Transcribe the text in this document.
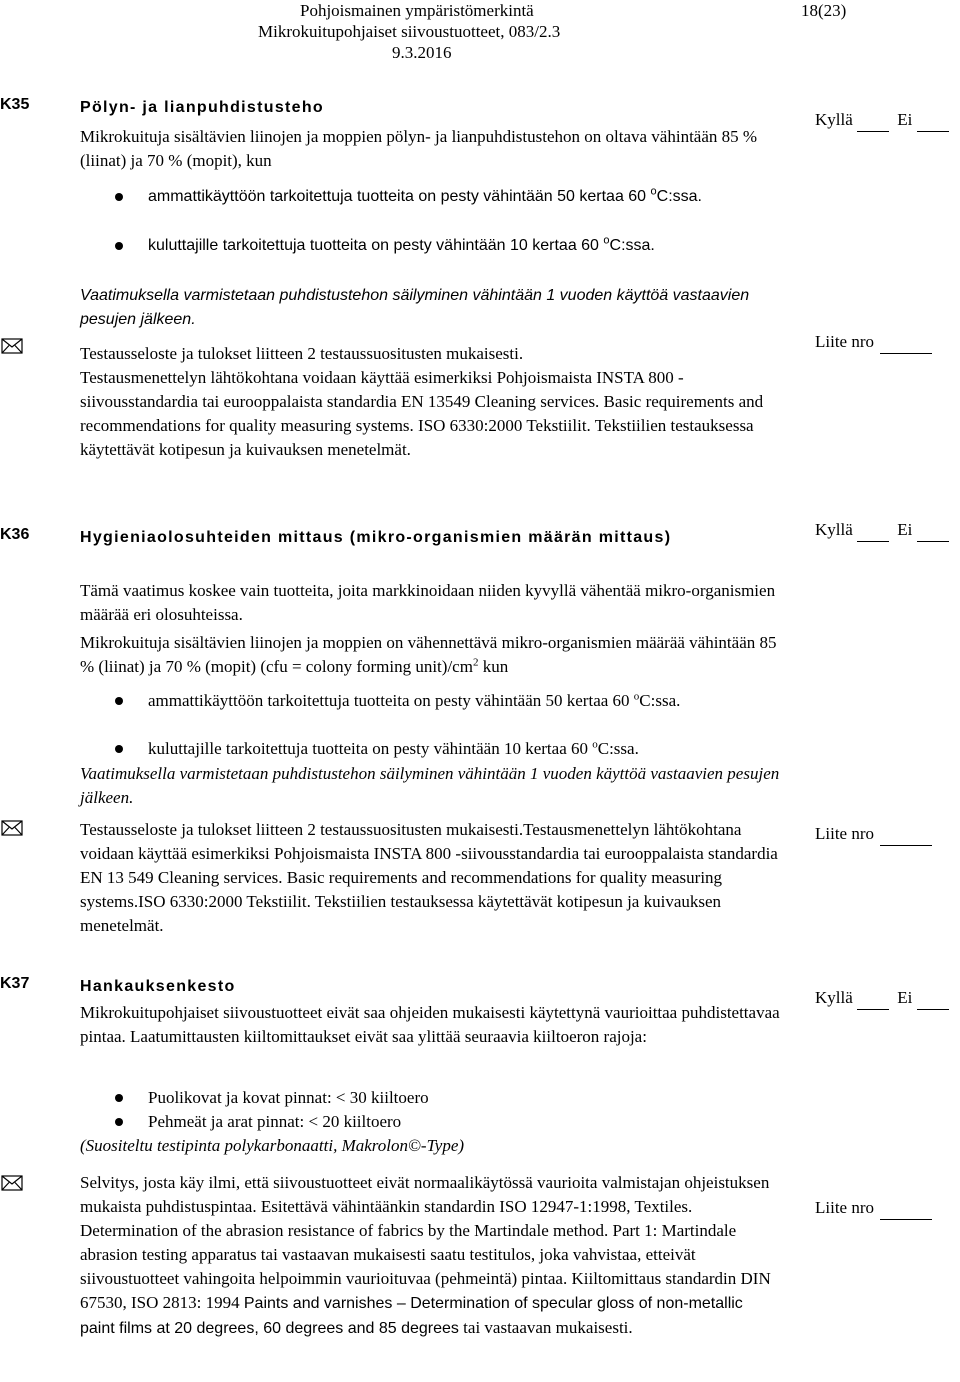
Pohjoismainen ympäristömerkintä
Mikrokuitupohjaiset siivoustuotteet, 083/2.3
9.3.2016
18(23)
K35	Pölyn- ja lianpuhdistusteho
Mikrokuituja sisältävien liinojen ja moppien pölyn- ja lianpuhdistustehon on oltava vähintään 85 % (liinat) ja 70 % (mopit), kun
Kyllä	Ei
ammattikäyttöön tarkoitettuja tuotteita on pesty vähintään 50 kertaa 60 $^o$C:ssa.
kuluttajille tarkoitettuja tuotteita on pesty vähintään 10 kertaa 60 $^o$C:ssa.
Vaatimuksella varmistetaan puhdistustehon säilyminen vähintään 1 vuoden käyttöä vastaavien pesujen jälkeen.
Testausseloste ja tulokset liitteen 2 testaussuositusten mukaisesti.
Testausmenettelyn lähtökohtana voidaan käyttää esimerkiksi Pohjoismaista INSTA 800 -siivousstandardia tai eurooppalaista standardia EN 13549 Cleaning services. Basic requirements and recommendations for quality measuring systems. ISO 6330:2000 Tekstiilit. Tekstiilien testauksessa käytettävät kotipesun ja kuivauksen menetelmät.
Liite nro
K36	Hygieniaolosuhteiden mittaus (mikro-organismien määrän mittaus)
Tämä vaatimus koskee vain tuotteita, joita markkinoidaan niiden kyvyllä vähentää mikro-organismien määrää eri olosuhteissa.
Mikrokuituja sisältävien liinojen ja moppien on vähennettävä mikro-organismien määrää vähintään 85 % (liinat) ja 70 % (mopit) (cfu = colony forming $unit)/cm^2$ kun
Kyllä	Ei
ammattikäyttöön tarkoitettuja tuotteita on pesty vähintään 50 kertaa 60 $^o$C:ssa.
kuluttajille tarkoitettuja tuotteita on pesty vähintään 10 kertaa 60 $^o$C:ssa.
Vaatimuksella varmistetaan puhdistustehon säilyminen vähintään 1 vuoden käyttöä vastaavien pesujen jälkeen.
Testausseloste ja tulokset liitteen 2 testaussuositusten mukaisesti.Testausmenettelyn lähtökohtana voidaan käyttää esimerkiksi Pohjoismaista INSTA 800 -siivousstandardia tai eurooppalaista standardia EN 13 549 Cleaning services. Basic requirements and recommendations for quality measuring systems.ISO 6330:2000 Tekstiilit. Tekstiilien testauksessa käytettävät kotipesun ja kuivauksen menetelmät.
Liite nro
K37	Hankauksenkesto
Mikrokuitupohjaiset siivoustuotteet eivät saa ohjeiden mukaisesti käytettynä vaurioittaa puhdistettavaa pintaa. Laatumittausten kiiltomittaukset eivät saa ylittää seuraavia kiiltoeron rajoja:
Kyllä	Ei
Puolikovat ja kovat pinnat: < 30 kiiltoero
Pehmeät ja arat pinnat: < 20 kiiltoero
(Suositeltu testipinta polykarbonaatti, Makrolon©-Type)
Selvitys, josta käy ilmi, että siivoustuotteet eivät normaalikäytössä vaurioita valmistajan ohjeistuksen mukaista puhdistuspintaa. Esitettävä vähintäänkin standardin ISO 12947-1:1998, Textiles. Determination of the abrasion resistance of fabrics by the Martindale method. Part 1: Martindale abrasion testing apparatus tai vastaavan mukaisesti saatu testitulos, joka vahvistaa, etteivät siivoustuotteet vahingoita helpoimmin vaurioituvaa (pehmeintä) pintaa. Kiiltomittaus standardin DIN 67530, ISO 2813: 1994 Paints and varnishes – Determination of specular gloss of non-metallic paint films at 20 degrees, 60 degrees and 85 degrees tai vastaavan mukaisesti.
Liite nro
